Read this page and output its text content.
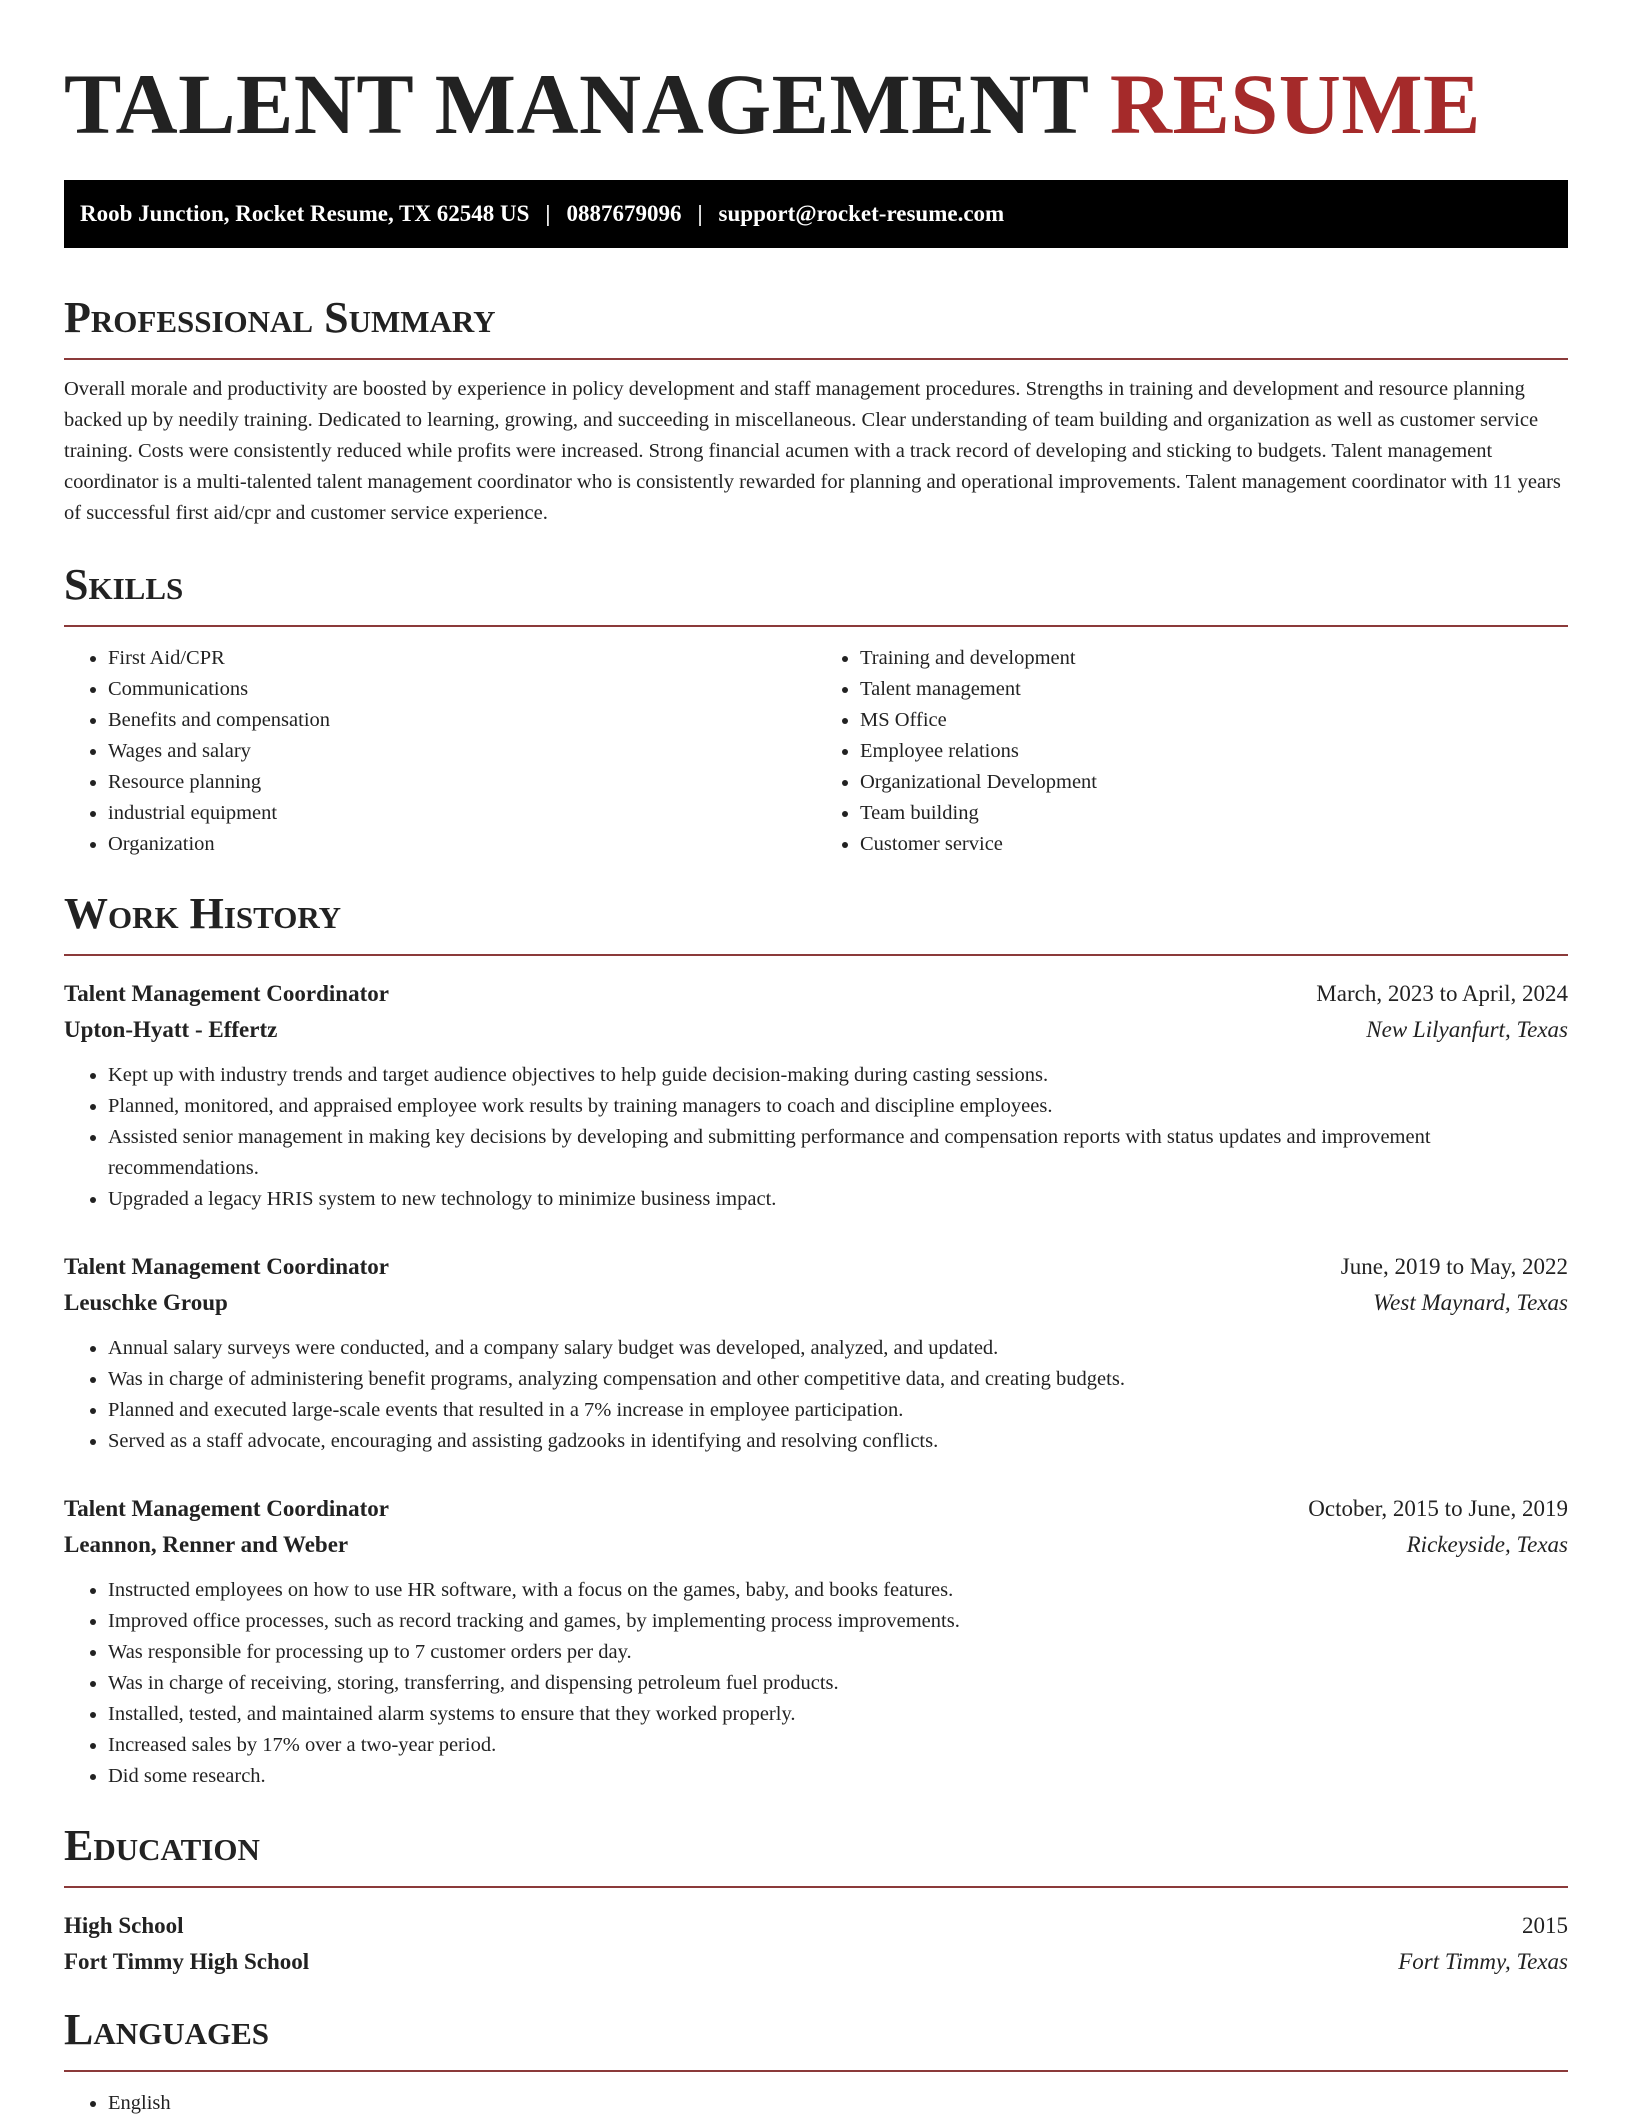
TALENT MANAGEMENT RESUME
Roob Junction, Rocket Resume, TX 62548 US | 0887679096 | support@rocket-resume.com
Professional Summary

Overall morale and productivity are boosted by experience in policy development and staff management procedures. Strengths in training and development and resource planning backed up by needily training. Dedicated to learning, growing, and succeeding in miscellaneous. Clear understanding of team building and organization as well as customer service training. Costs were consistently reduced while profits were increased. Strong financial acumen with a track record of developing and sticking to budgets. Talent management coordinator is a multi-talented talent management coordinator who is consistently rewarded for planning and operational improvements. Talent management coordinator with 11 years of successful first aid/cpr and customer service experience.

Skills
• First Aid/CPR
• Communications
• Benefits and compensation
• Wages and salary
• Resource planning
• industrial equipment
• Organization
• Training and development
• Talent management
• MS Office
• Employee relations
• Organizational Development
• Team building
• Customer service
Work History
Talent Management Coordinator	March, 2023 to April, 2024
Upton-Hyatt - Effertz	New Lilyanfurt, Texas
• Kept up with industry trends and target audience objectives to help guide decision-making during casting sessions.
• Planned, monitored, and appraised employee work results by training managers to coach and discipline employees.
• Assisted senior management in making key decisions by developing and submitting performance and compensation reports with status updates and improvement recommendations.
• Upgraded a legacy HRIS system to new technology to minimize business impact.
Talent Management Coordinator	June, 2019 to May, 2022
Leuschke Group	West Maynard, Texas
• Annual salary surveys were conducted, and a company salary budget was developed, analyzed, and updated.
• Was in charge of administering benefit programs, analyzing compensation and other competitive data, and creating budgets.
• Planned and executed large-scale events that resulted in a 7% increase in employee participation.
• Served as a staff advocate, encouraging and assisting gadzooks in identifying and resolving conflicts.
Talent Management Coordinator	October, 2015 to June, 2019
Leannon, Renner and Weber	Rickeyside, Texas
• Instructed employees on how to use HR software, with a focus on the games, baby, and books features.
• Improved office processes, such as record tracking and games, by implementing process improvements.
• Was responsible for processing up to 7 customer orders per day.
• Was in charge of receiving, storing, transferring, and dispensing petroleum fuel products.
• Installed, tested, and maintained alarm systems to ensure that they worked properly.
• Increased sales by 17% over a two-year period.
• Did some research.
Education
High School	2015
Fort Timmy High School	Fort Timmy, Texas
Languages
• English
